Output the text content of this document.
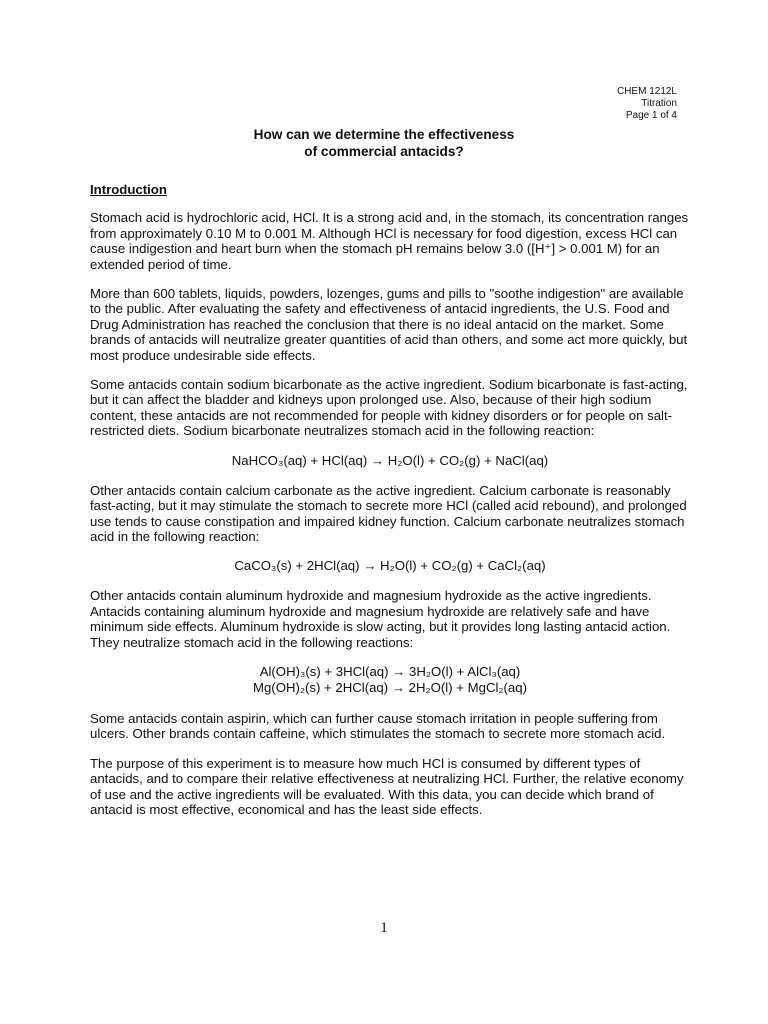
CHEM 1212L
Titration
Page 1 of 4
How can we determine the effectiveness
of commercial antacids?
Introduction
Stomach acid is hydrochloric acid, HCl. It is a strong acid and, in the stomach, its concentration ranges from approximately 0.10 M to 0.001 M. Although HCl is necessary for food digestion, excess HCl can cause indigestion and heart burn when the stomach pH remains below 3.0 ([H⁺] > 0.001 M) for an extended period of time.
More than 600 tablets, liquids, powders, lozenges, gums and pills to "soothe indigestion" are available to the public. After evaluating the safety and effectiveness of antacid ingredients, the U.S. Food and Drug Administration has reached the conclusion that there is no ideal antacid on the market. Some brands of antacids will neutralize greater quantities of acid than others, and some act more quickly, but most produce undesirable side effects.
Some antacids contain sodium bicarbonate as the active ingredient. Sodium bicarbonate is fast-acting, but it can affect the bladder and kidneys upon prolonged use. Also, because of their high sodium content, these antacids are not recommended for people with kidney disorders or for people on salt-restricted diets. Sodium bicarbonate neutralizes stomach acid in the following reaction:
NaHCO₃(aq) + HCl(aq) → H₂O(l) + CO₂(g) + NaCl(aq)
Other antacids contain calcium carbonate as the active ingredient. Calcium carbonate is reasonably fast-acting, but it may stimulate the stomach to secrete more HCl (called acid rebound), and prolonged use tends to cause constipation and impaired kidney function. Calcium carbonate neutralizes stomach acid in the following reaction:
CaCO₃(s) + 2HCl(aq) → H₂O(l) + CO₂(g) + CaCl₂(aq)
Other antacids contain aluminum hydroxide and magnesium hydroxide as the active ingredients. Antacids containing aluminum hydroxide and magnesium hydroxide are relatively safe and have minimum side effects. Aluminum hydroxide is slow acting, but it provides long lasting antacid action. They neutralize stomach acid in the following reactions:
Al(OH)₃(s) + 3HCl(aq) → 3H₂O(l) + AlCl₃(aq)
Mg(OH)₂(s) + 2HCl(aq) → 2H₂O(l) + MgCl₂(aq)
Some antacids contain aspirin, which can further cause stomach irritation in people suffering from ulcers. Other brands contain caffeine, which stimulates the stomach to secrete more stomach acid.
The purpose of this experiment is to measure how much HCl is consumed by different types of antacids, and to compare their relative effectiveness at neutralizing HCl. Further, the relative economy of use and the active ingredients will be evaluated. With this data, you can decide which brand of antacid is most effective, economical and has the least side effects.
1
